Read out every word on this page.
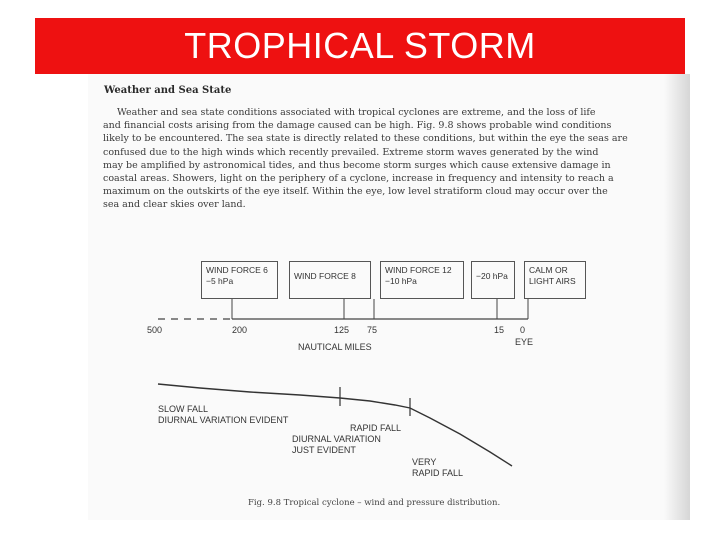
TROPHICAL STORM
Weather and Sea State
Weather and sea state conditions associated with tropical cyclones are extreme, and the loss of life
and financial costs arising from the damage caused can be high. Fig. 9.8 shows probable wind conditions
likely to be encountered. The sea state is directly related to these conditions, but within the eye the seas are
confused due to the high winds which recently prevailed. Extreme storm waves generated by the wind
may be amplified by astronomical tides, and thus become storm surges which cause extensive damage in
coastal areas. Showers, light on the periphery of a cyclone, increase in frequency and intensity to reach a
maximum on the outskirts of the eye itself. Within the eye, low level stratiform cloud may occur over the
sea and clear skies over land.
WIND FORCE 6
−5 hPa	WIND FORCE 8
WIND FORCE 12
−10 hPa	−20 hPa
CALM OR
LIGHT AIRS
500	200	125 75	15 0
EYE
NAUTICAL MILES
SLOW FALL
DIURNAL VARIATION EVIDENT
RAPID FALL
DIURNAL VARIATION
JUST EVIDENT
VERY
RAPID FALL
Fig. 9.8 Tropical cyclone – wind and pressure distribution.
